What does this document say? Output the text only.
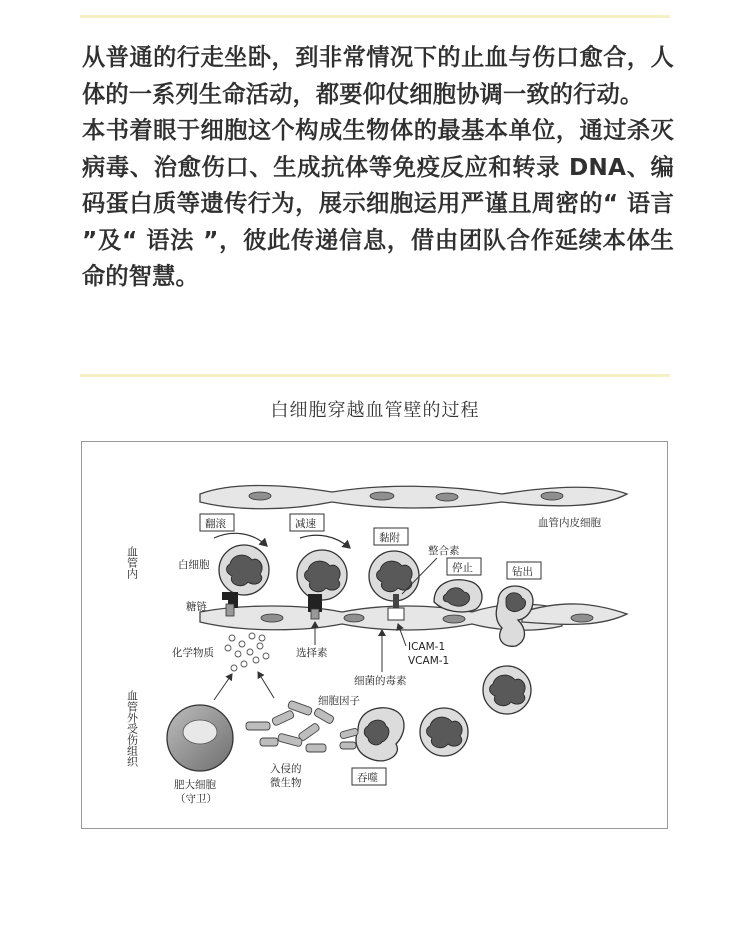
从普通的行走坐卧，到非常情况下的止血与伤口愈合，人体的一系列生命活动，都要仰仗细胞协调一致的行动。

本书着眼于细胞这个构成生物体的最基本单位，通过杀灭病毒、治愈伤口、生成抗体等免疫反应和转录 DNA、编码蛋白质等遗传行为，展示细胞运用严谨且周密的“ 语言 ”及“ 语法 ”，彼此传递信息，借由团队合作延续本体生命的智慧。

白细胞穿越血管壁的过程
血管内
血管外受伤组织
血管内皮细胞
翻滚	减速
黏附
停止	钻出
白细胞
糖链
整合素
化学物质	选择素	ICAM-1
VCAM-1
细菌的毒素
细胞因子
肥大细胞
（守卫）
入侵的
微生物	吞噬
